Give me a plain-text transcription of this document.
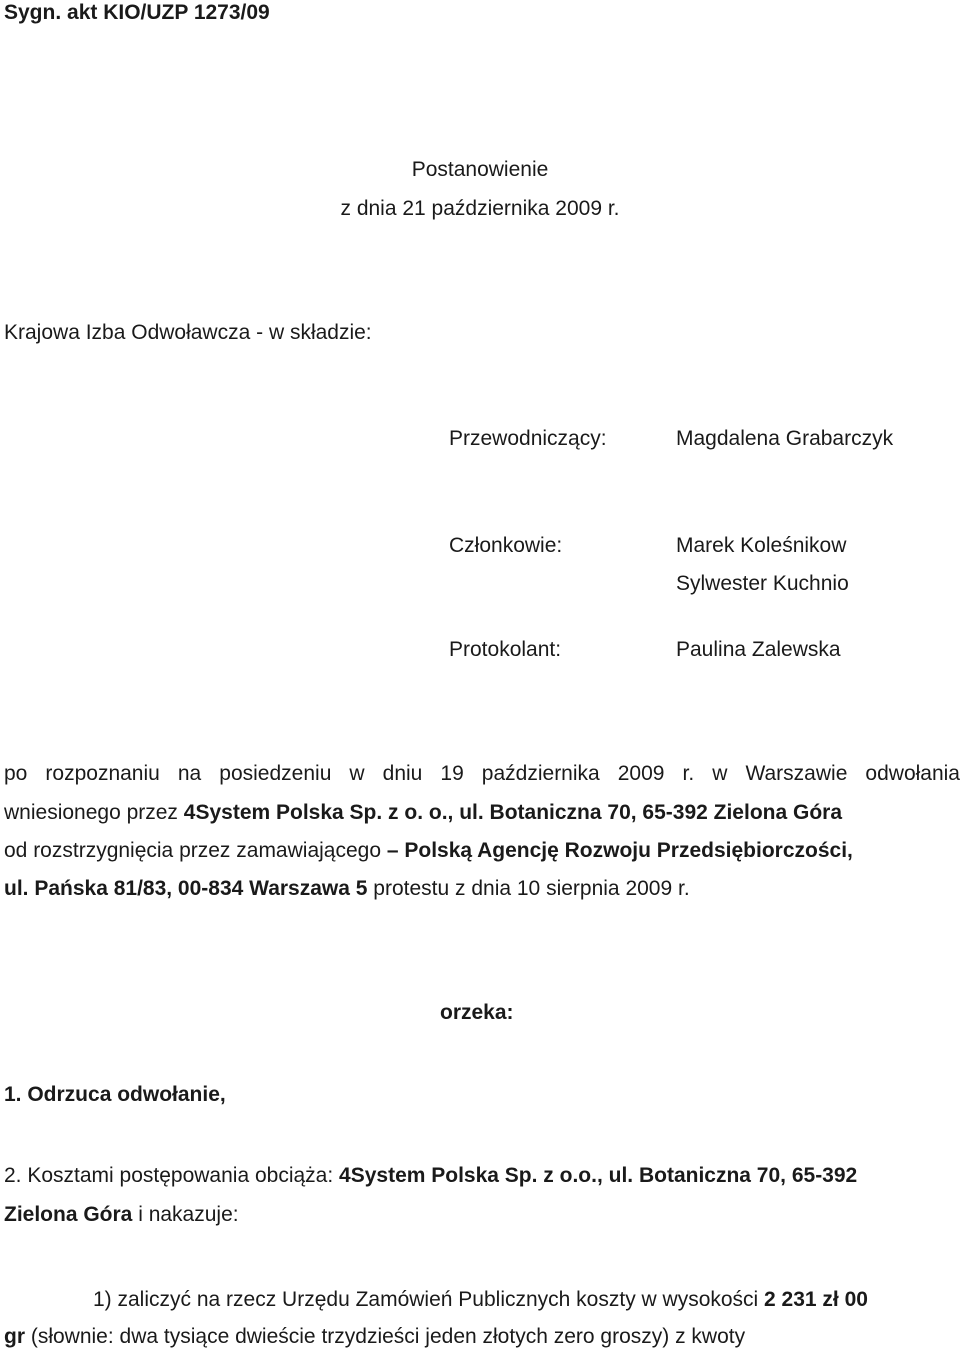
Sygn. akt KIO/UZP 1273/09
Postanowienie
z dnia 21 października 2009 r.
Krajowa Izba Odwoławcza - w składzie:
Przewodniczący:	Magdalena Grabarczyk
Członkowie:	Marek Koleśnikow
Sylwester Kuchnio
Protokolant:	Paulina Zalewska
po rozpoznaniu na posiedzeniu w dniu 19 października 2009 r. w Warszawie odwołania
wniesionego przez 4System Polska Sp. z o. o., ul. Botaniczna 70, 65-392 Zielona Góra
od rozstrzygnięcia przez zamawiającego – Polską Agencję Rozwoju Przedsiębiorczości,
ul. Pańska 81/83, 00-834 Warszawa 5 protestu z dnia 10 sierpnia 2009 r.
orzeka:
1. Odrzuca odwołanie,
2. Kosztami postępowania obciąża: 4System Polska Sp. z o.o., ul. Botaniczna 70, 65-392
Zielona Góra i nakazuje:
1) zaliczyć na rzecz Urzędu Zamówień Publicznych koszty w wysokości 2 231 zł 00
gr (słownie: dwa tysiące dwieście trzydzieści jeden złotych zero groszy) z kwoty
